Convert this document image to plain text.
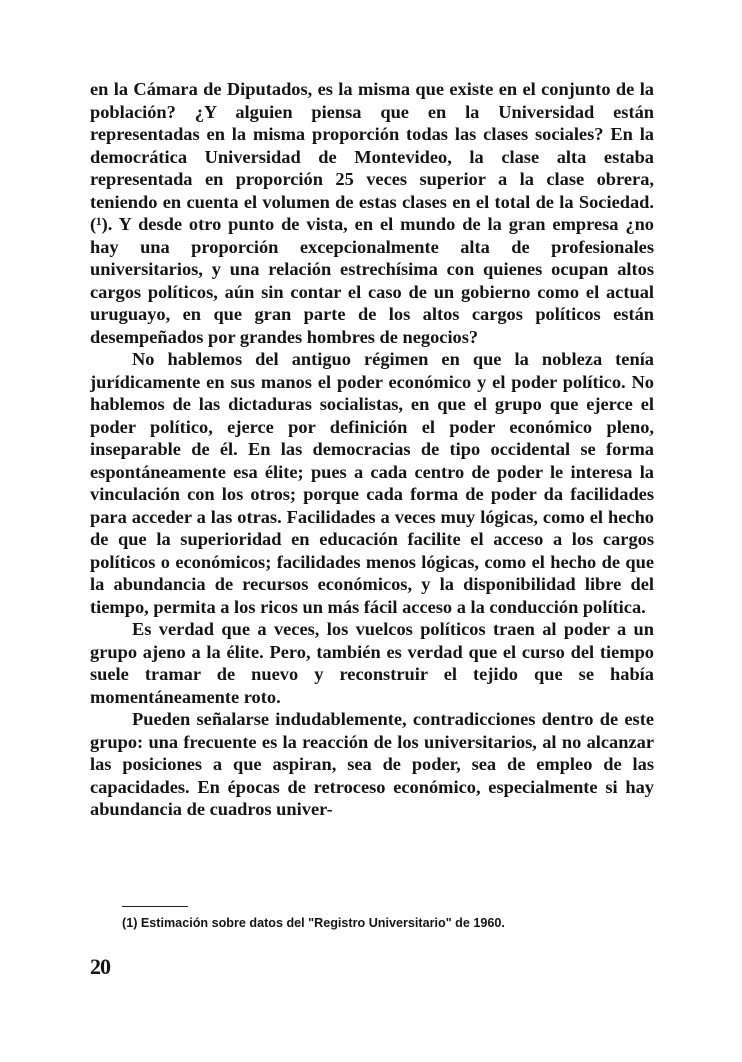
en la Cámara de Diputados, es la misma que existe en el conjunto de la población? ¿Y alguien piensa que en la Universidad están representadas en la misma proporción todas las clases sociales? En la democrática Universidad de Montevideo, la clase alta estaba representada en proporción 25 veces superior a la clase obrera, teniendo en cuenta el volumen de estas clases en el total de la Sociedad. (¹). Y desde otro punto de vista, en el mundo de la gran empresa ¿no hay una proporción excepcionalmente alta de profesionales universitarios, y una relación estrechísima con quienes ocupan altos cargos políticos, aún sin contar el caso de un gobierno como el actual uruguayo, en que gran parte de los altos cargos políticos están desempeñados por grandes hombres de negocios?

No hablemos del antiguo régimen en que la nobleza tenía jurídicamente en sus manos el poder económico y el poder político. No hablemos de las dictaduras socialistas, en que el grupo que ejerce el poder político, ejerce por definición el poder económico pleno, inseparable de él. En las democracias de tipo occidental se forma espontáneamente esa élite; pues a cada centro de poder le interesa la vinculación con los otros; porque cada forma de poder da facilidades para acceder a las otras. Facilidades a veces muy lógicas, como el hecho de que la superioridad en educación facilite el acceso a los cargos políticos o económicos; facilidades menos lógicas, como el hecho de que la abundancia de recursos económicos, y la disponibilidad libre del tiempo, permita a los ricos un más fácil acceso a la conducción política.

Es verdad que a veces, los vuelcos políticos traen al poder a un grupo ajeno a la élite. Pero, también es verdad que el curso del tiempo suele tramar de nuevo y reconstruir el tejido que se había momentáneamente roto.

Pueden señalarse indudablemente, contradicciones dentro de este grupo: una frecuente es la reacción de los universitarios, al no alcanzar las posiciones a que aspiran, sea de poder, sea de empleo de las capacidades. En épocas de retroceso económico, especialmente si hay abundancia de cuadros univer-

(1) Estimación sobre datos del "Registro Universitario" de 1960.
20
